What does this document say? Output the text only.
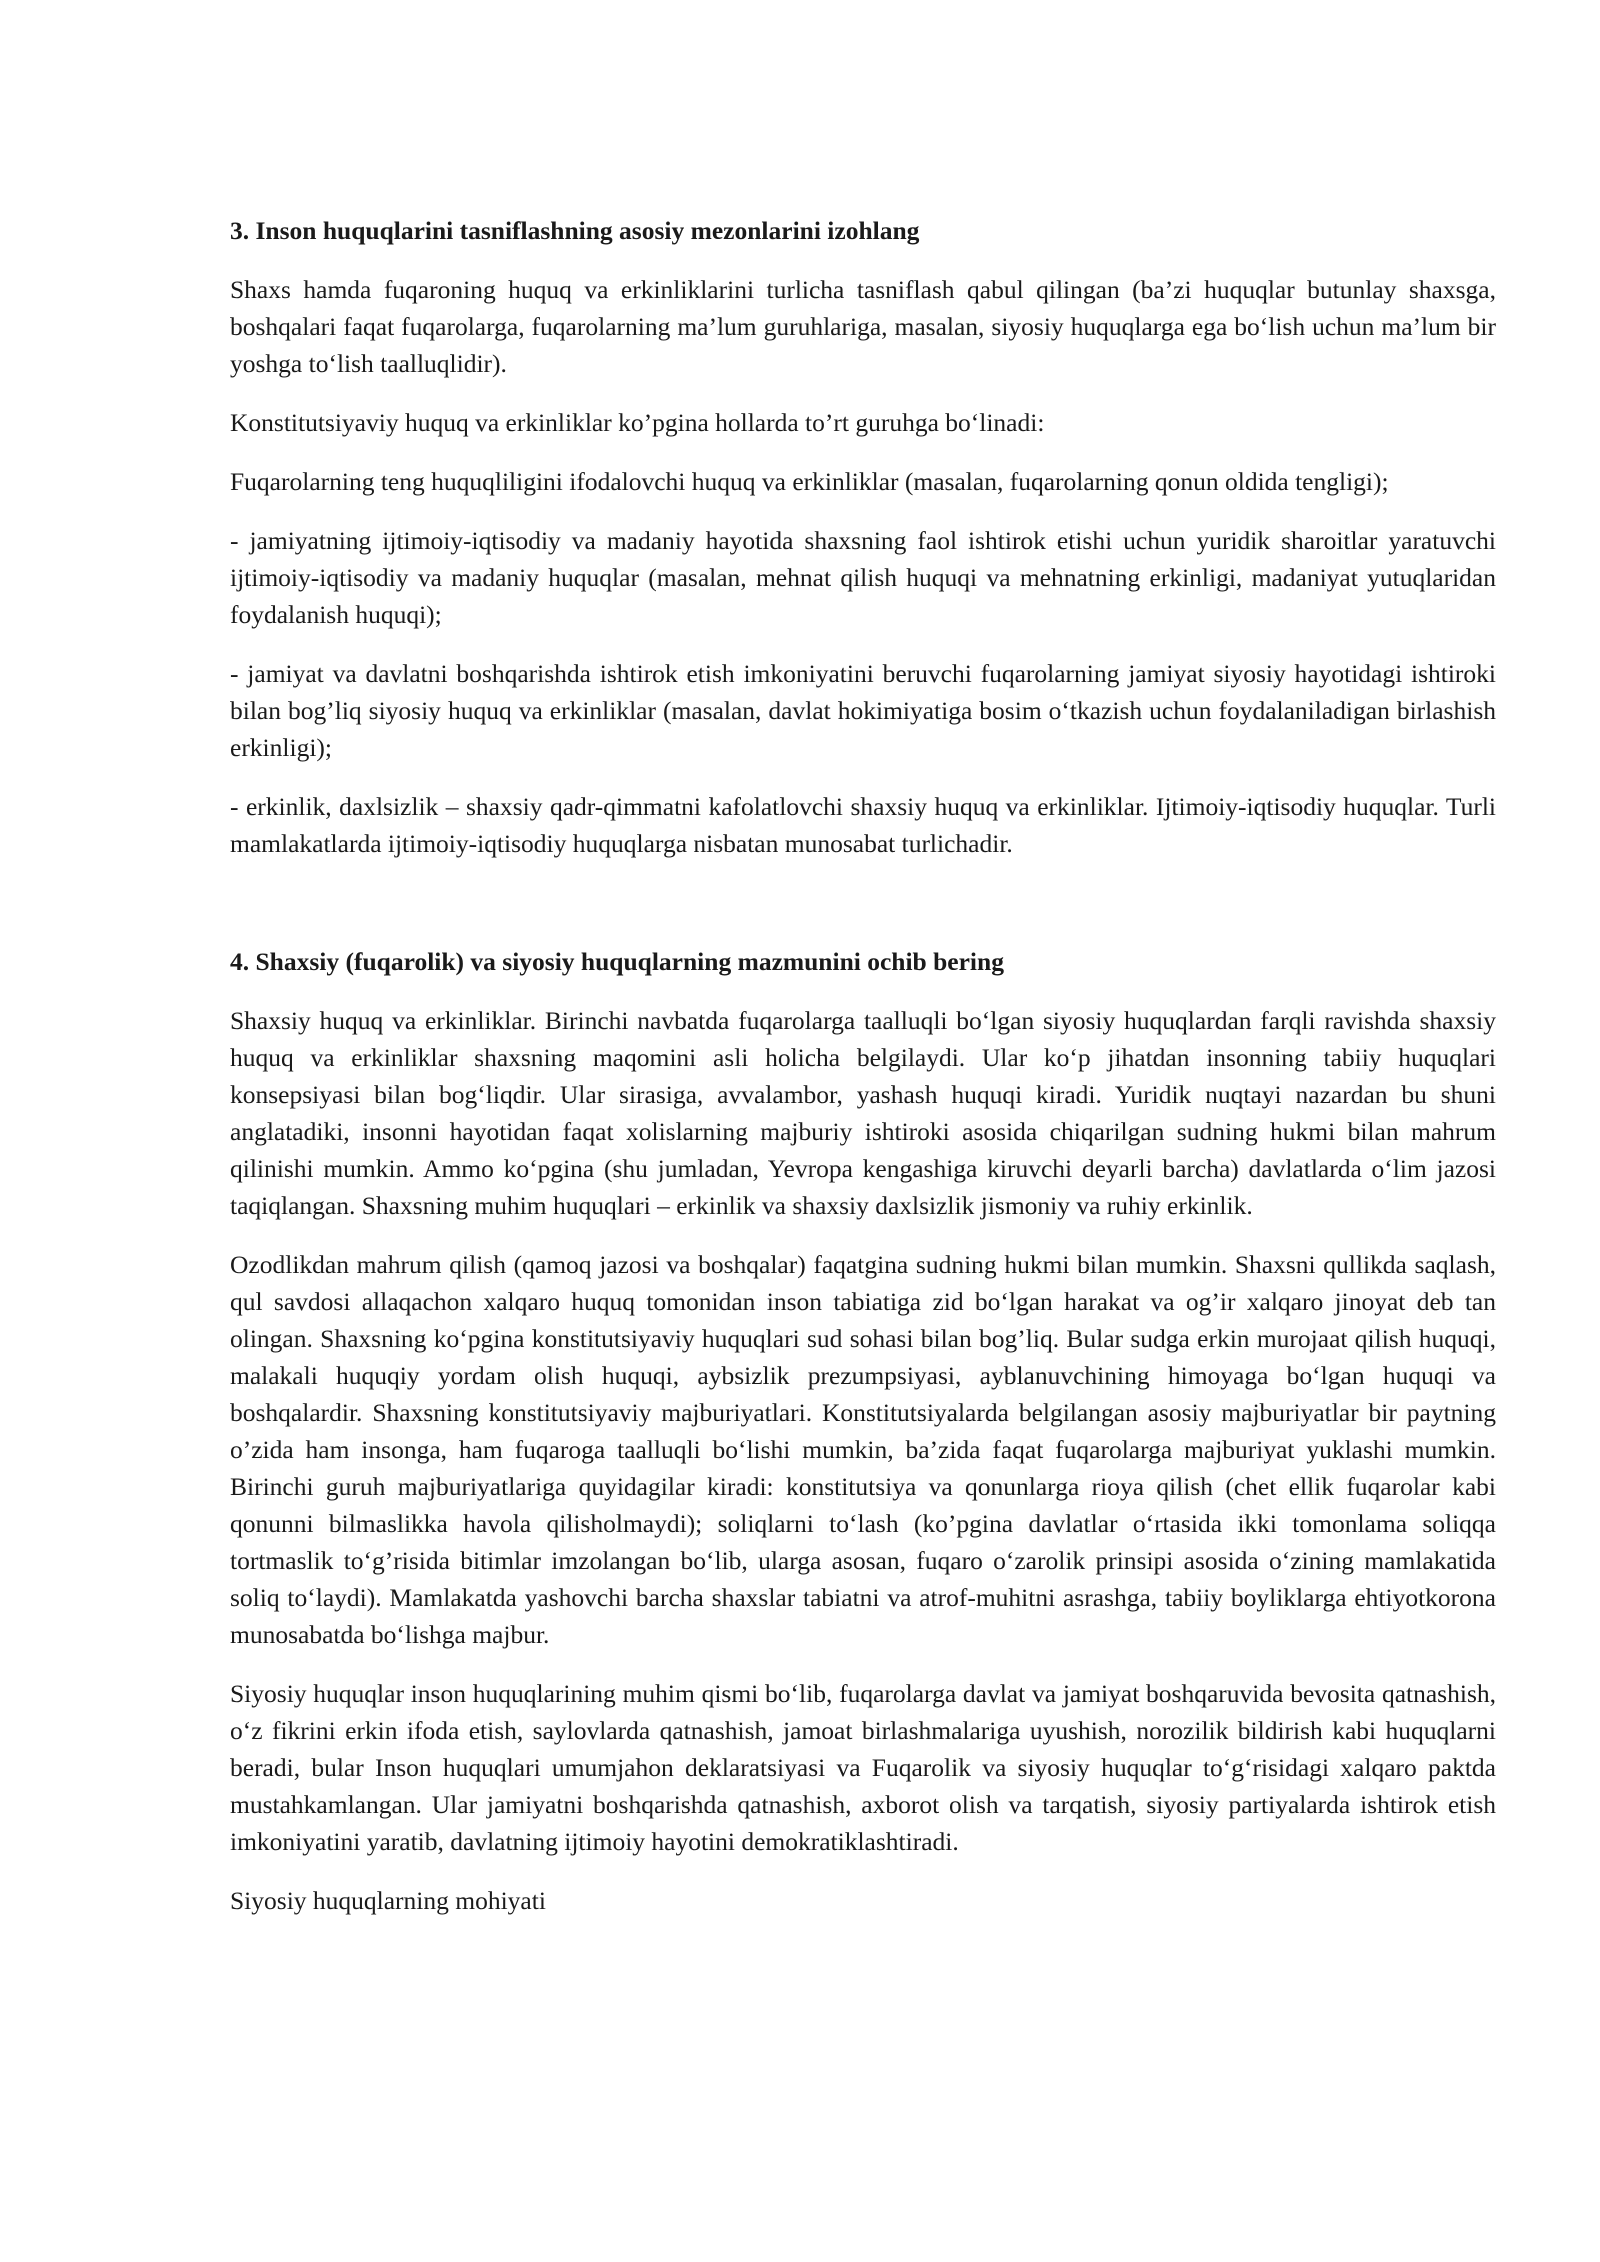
3. Inson huquqlarini tasniflashning asosiy mezonlarini izohlang

Shaxs hamda fuqaroning huquq va erkinliklarini turlicha tasniflash qabul qilingan (ba’zi huquqlar butunlay shaxsga, boshqalari faqat fuqarolarga, fuqarolarning ma’lum guruhlariga, masalan, siyosiy huquqlarga ega bo‘lish uchun ma’lum bir yoshga to‘lish taalluqlidir).

Konstitutsiyaviy huquq va erkinliklar ko’pgina hollarda to’rt guruhga bo‘linadi:

Fuqarolarning teng huquqliligini ifodalovchi huquq va erkinliklar (masalan, fuqarolarning qonun oldida tengligi);

- jamiyatning ijtimoiy-iqtisodiy va madaniy hayotida shaxsning faol ishtirok etishi uchun yuridik sharoitlar yaratuvchi ijtimoiy-iqtisodiy va madaniy huquqlar (masalan, mehnat qilish huquqi va mehnatning erkinligi, madaniyat yutuqlaridan foydalanish huquqi);

- jamiyat va davlatni boshqarishda ishtirok etish imkoniyatini beruvchi fuqarolarning jamiyat siyosiy hayotidagi ishtiroki bilan bog’liq siyosiy huquq va erkinliklar (masalan, davlat hokimiyatiga bosim o‘tkazish uchun foydalaniladigan birlashish erkinligi);

- erkinlik, daxlsizlik – shaxsiy qadr-qimmatni kafolatlovchi shaxsiy huquq va erkinliklar. Ijtimoiy-iqtisodiy huquqlar. Turli mamlakatlarda ijtimoiy-iqtisodiy huquqlarga nisbatan munosabat turlichadir.

4. Shaxsiy (fuqarolik) va siyosiy huquqlarning mazmunini ochib bering

Shaxsiy huquq va erkinliklar. Birinchi navbatda fuqarolarga taalluqli bo‘lgan siyosiy huquqlardan farqli ravishda shaxsiy huquq va erkinliklar shaxsning maqomini asli holicha belgilaydi. Ular ko‘p jihatdan insonning tabiiy huquqlari konsepsiyasi bilan bog‘liqdir. Ular sirasiga, avvalambor, yashash huquqi kiradi. Yuridik nuqtayi nazardan bu shuni anglatadiki, insonni hayotidan faqat xolislarning majburiy ishtiroki asosida chiqarilgan sudning hukmi bilan mahrum qilinishi mumkin. Ammo ko‘pgina (shu jumladan, Yevropa kengashiga kiruvchi deyarli barcha) davlatlarda o‘lim jazosi taqiqlangan. Shaxsning muhim huquqlari – erkinlik va shaxsiy daxlsizlik jismoniy va ruhiy erkinlik.

Ozodlikdan mahrum qilish (qamoq jazosi va boshqalar) faqatgina sudning hukmi bilan mumkin. Shaxsni qullikda saqlash, qul savdosi allaqachon xalqaro huquq tomonidan inson tabiatiga zid bo‘lgan harakat va og’ir xalqaro jinoyat deb tan olingan. Shaxsning ko‘pgina konstitutsiyaviy huquqlari sud sohasi bilan bog’liq. Bular sudga erkin murojaat qilish huquqi, malakali huquqiy yordam olish huquqi, aybsizlik prezumpsiyasi, ayblanuvchining himoyaga bo‘lgan huquqi va boshqalardir. Shaxsning konstitutsiyaviy majburiyatlari. Konstitutsiyalarda belgilangan asosiy majburiyatlar bir paytning o’zida ham insonga, ham fuqaroga taalluqli bo‘lishi mumkin, ba’zida faqat fuqarolarga majburiyat yuklashi mumkin. Birinchi guruh majburiyatlariga quyidagilar kiradi: konstitutsiya va qonunlarga rioya qilish (chet ellik fuqarolar kabi qonunni bilmaslikka havola qilisholmaydi); soliqlarni to‘lash (ko’pgina davlatlar o‘rtasida ikki tomonlama soliqqa tortmaslik to‘g’risida bitimlar imzolangan bo‘lib, ularga asosan, fuqaro o‘zarolik prinsipi asosida o‘zining mamlakatida soliq to‘laydi). Mamlakatda yashovchi barcha shaxslar tabiatni va atrof-muhitni asrashga, tabiiy boyliklarga ehtiyotkorona munosabatda bo‘lishga majbur.

Siyosiy huquqlar inson huquqlarining muhim qismi bo‘lib, fuqarolarga davlat va jamiyat boshqaruvida bevosita qatnashish, o‘z fikrini erkin ifoda etish, saylovlarda qatnashish, jamoat birlashmalariga uyushish, norozilik bildirish kabi huquqlarni beradi, bular Inson huquqlari umumjahon deklaratsiyasi va Fuqarolik va siyosiy huquqlar to‘g‘risidagi xalqaro paktda mustahkamlangan. Ular jamiyatni boshqarishda qatnashish, axborot olish va tarqatish, siyosiy partiyalarda ishtirok etish imkoniyatini yaratib, davlatning ijtimoiy hayotini demokratiklashtiradi.

Siyosiy huquqlarning mohiyati
